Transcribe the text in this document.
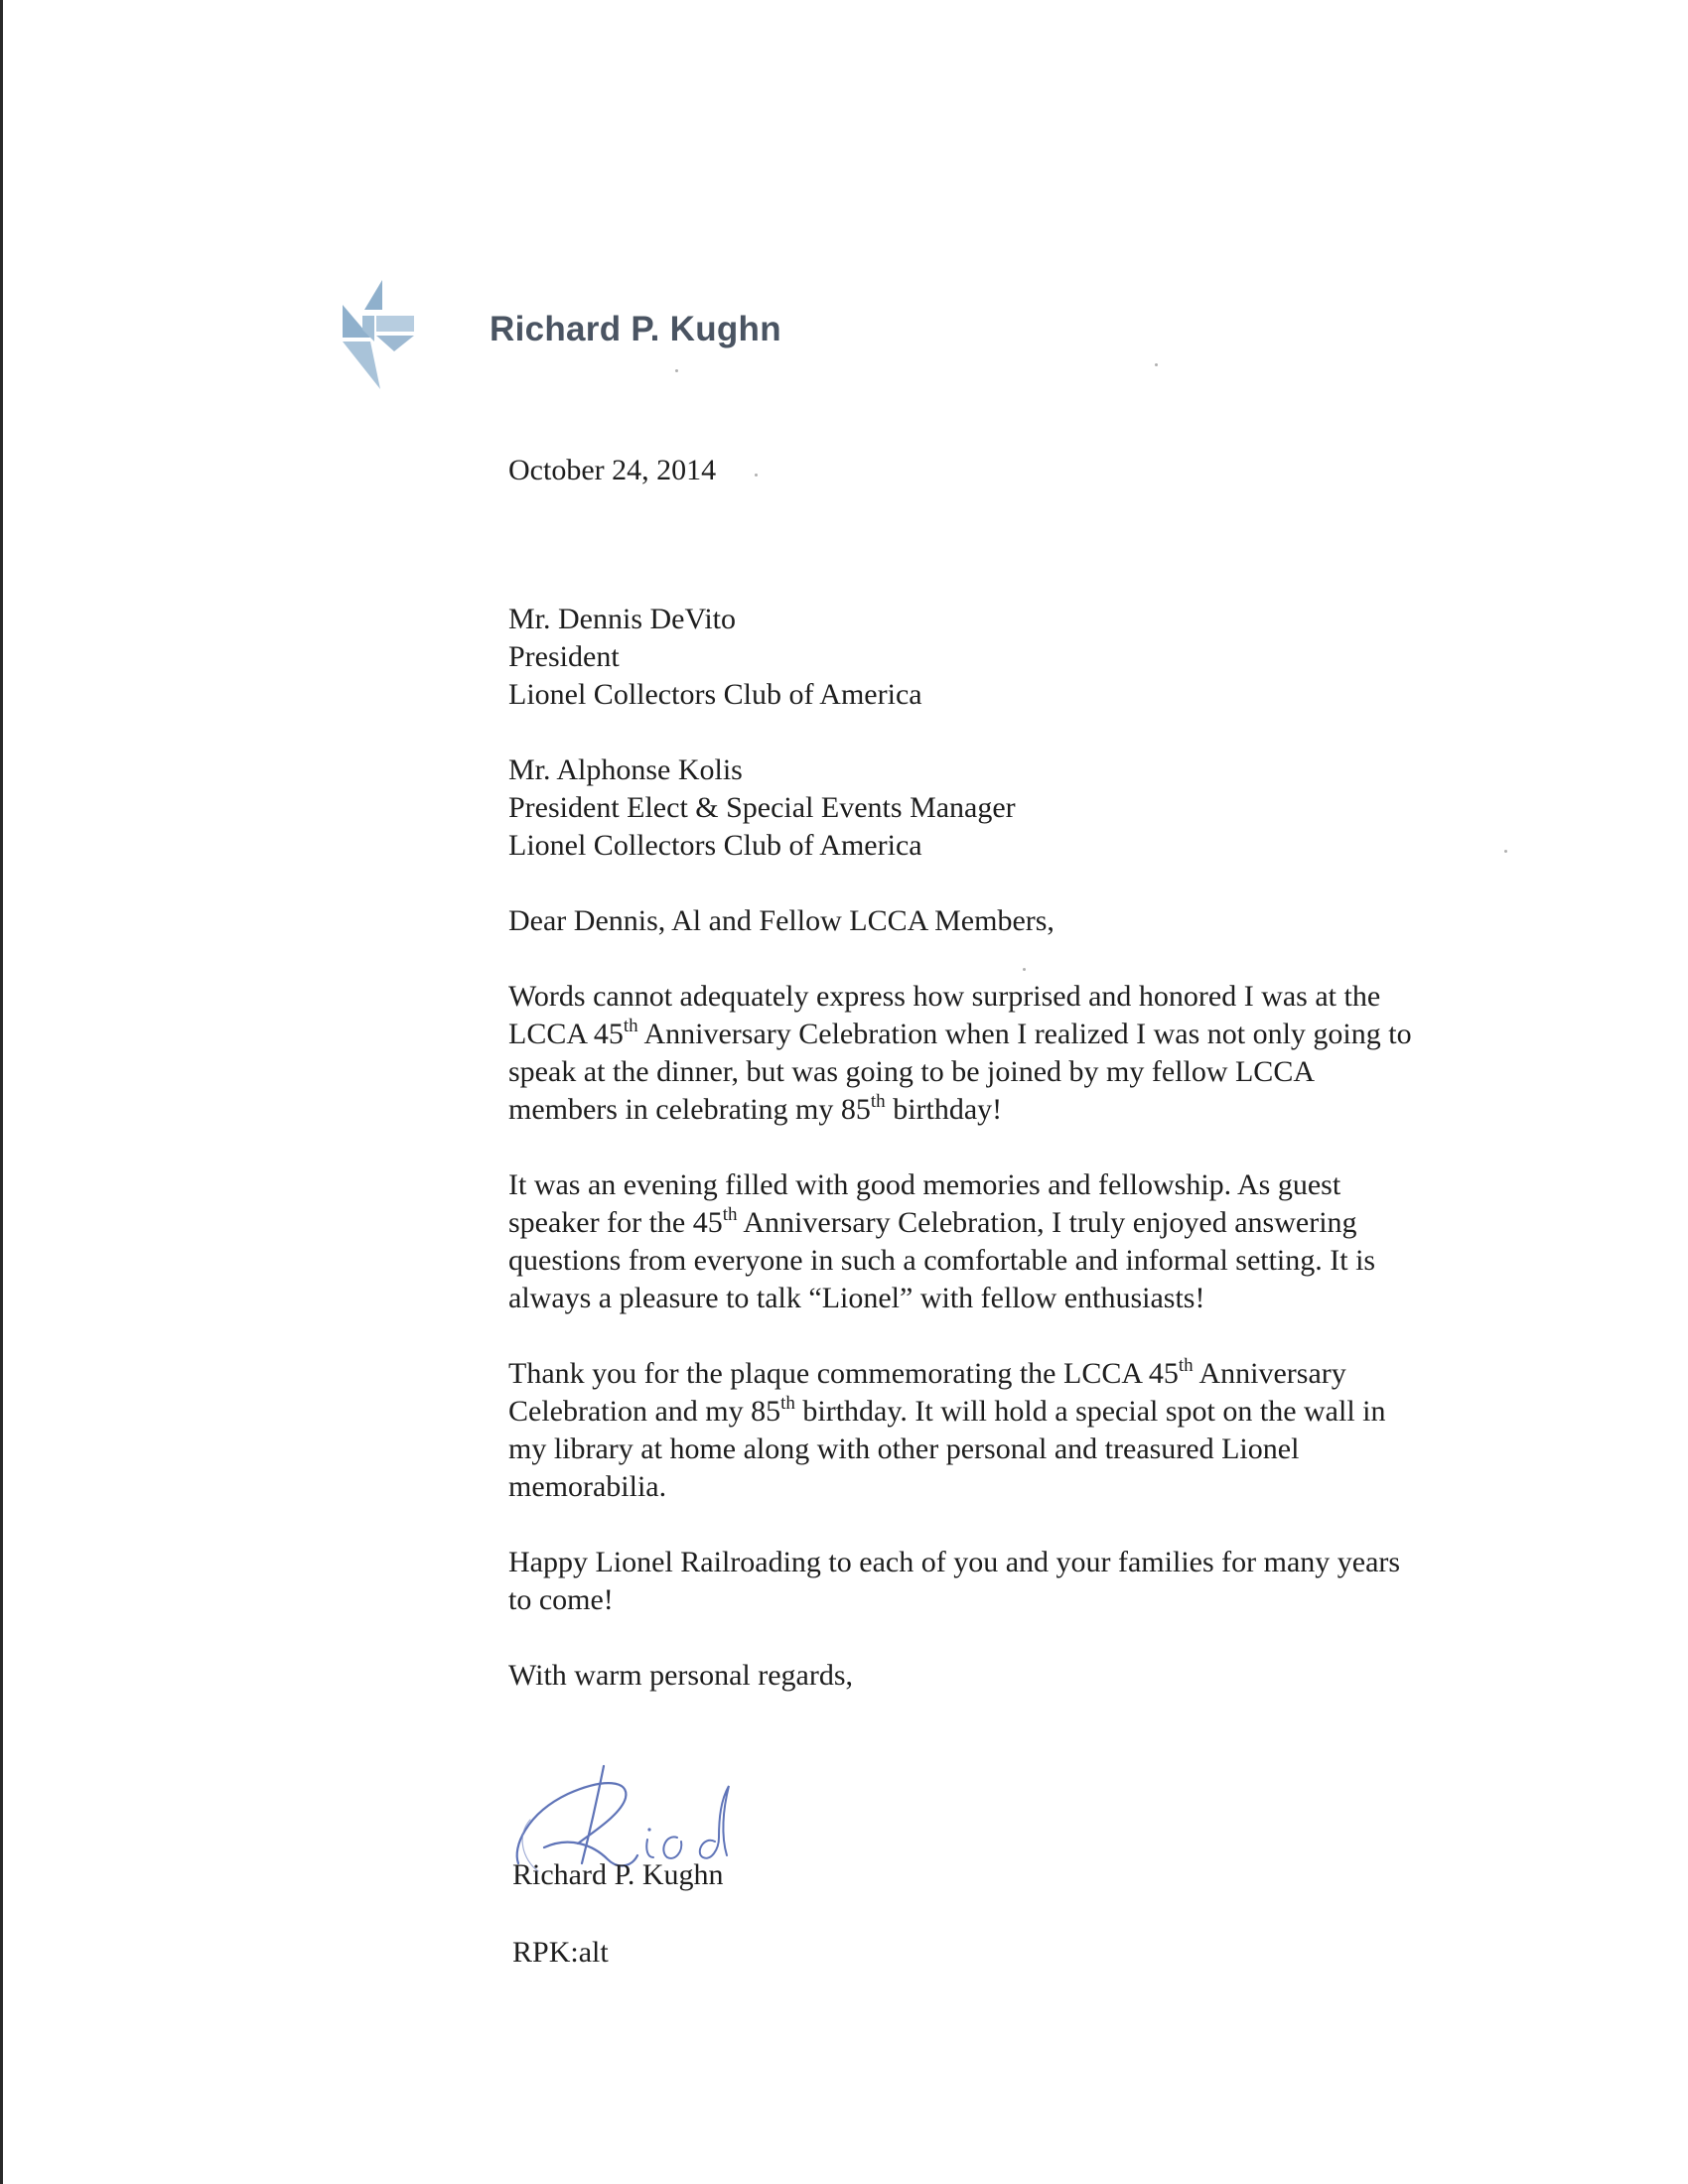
Richard P. Kughn

October 24, 2014

Mr. Dennis DeVito
President
Lionel Collectors Club of America

Mr. Alphonse Kolis
President Elect & Special Events Manager
Lionel Collectors Club of America

Dear Dennis, Al and Fellow LCCA Members,

Words cannot adequately express how surprised and honored I was at the LCCA 45th Anniversary Celebration when I realized I was not only going to speak at the dinner, but was going to be joined by my fellow LCCA members in celebrating my 85th birthday!

It was an evening filled with good memories and fellowship. As guest speaker for the 45th Anniversary Celebration, I truly enjoyed answering questions from everyone in such a comfortable and informal setting. It is always a pleasure to talk “Lionel” with fellow enthusiasts!

Thank you for the plaque commemorating the LCCA 45th Anniversary Celebration and my 85th birthday. It will hold a special spot on the wall in my library at home along with other personal and treasured Lionel memorabilia.

Happy Lionel Railroading to each of you and your families for many years to come!

With warm personal regards,

Richard P. Kughn
RPK:alt
